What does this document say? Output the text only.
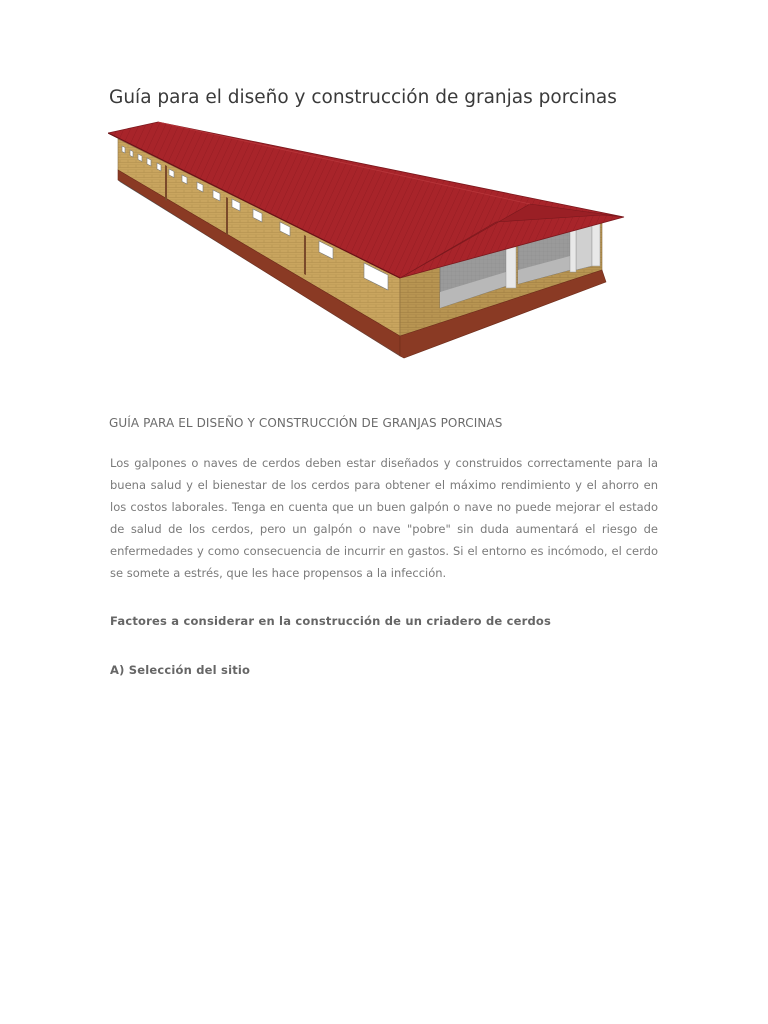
Guía para el diseño y construcción de granjas porcinas
GUÍA PARA EL DISEÑO Y CONSTRUCCIÓN DE GRANJAS PORCINAS

Los galpones o naves de cerdos deben estar diseñados y construidos correctamente para la buena salud y el bienestar de los cerdos para obtener el máximo rendimiento y el ahorro en los costos laborales. Tenga en cuenta que un buen galpón o nave no puede mejorar el estado de salud de los cerdos, pero un galpón o nave "pobre" sin duda aumentará el riesgo de enfermedades y como consecuencia de incurrir en gastos. Si el entorno es incómodo, el cerdo se somete a estrés, que les hace propensos a la infección.

Factores a considerar en la construcción de un criadero de cerdos
A) Selección del sitio
